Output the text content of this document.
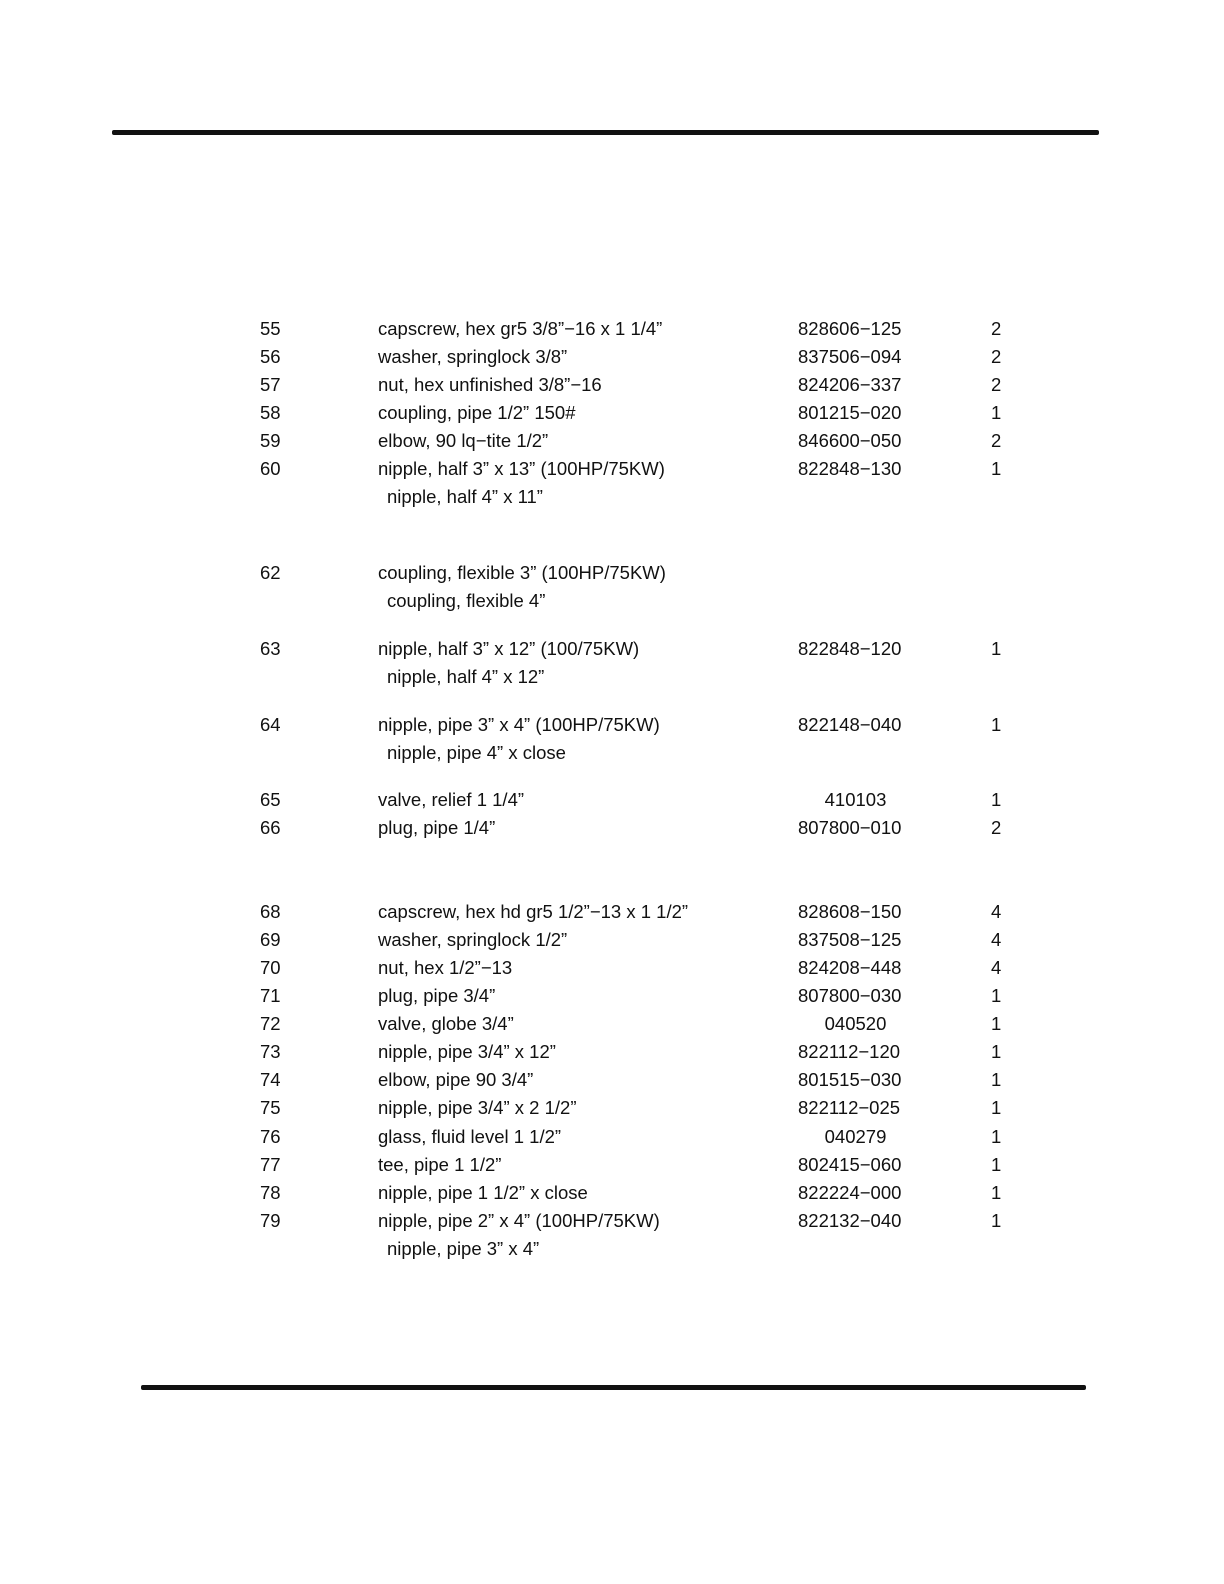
55	capscrew, hex gr5 3/8”−16 x 1 1/4”	828606−125	2
56	washer, springlock 3/8”	837506−094	2
57	nut, hex unfinished 3/8”−16	824206−337	2
58	coupling, pipe 1/2” 150#	801215−020	1
59	elbow, 90 lq−tite 1/2”	846600−050	2
60	nipple, half 3” x 13” (100HP/75KW)	822848−130	1
nipple, half 4” x 11”
62	coupling, flexible 3” (100HP/75KW)
coupling, flexible 4”
63	nipple, half 3” x 12” (100/75KW)	822848−120	1
nipple, half 4” x 12”
64	nipple, pipe 3” x 4” (100HP/75KW)	822148−040	1
nipple, pipe 4” x close
65	valve, relief 1 1/4”	410103	1
66	plug, pipe 1/4”	807800−010	2
68	capscrew, hex hd gr5 1/2”−13 x 1 1/2”	828608−150	4
69	washer, springlock 1/2”	837508−125	4
70	nut, hex 1/2”−13	824208−448	4
71	plug, pipe 3/4”	807800−030	1
72	valve, globe 3/4”	040520	1
73	nipple, pipe 3/4” x 12”	822112−120	1
74	elbow, pipe 90 3/4”	801515−030	1
75	nipple, pipe 3/4” x 2 1/2”	822112−025	1
76	glass, fluid level 1 1/2”	040279	1
77	tee, pipe 1 1/2”	802415−060	1
78	nipple, pipe 1 1/2” x close	822224−000	1
79	nipple, pipe 2” x 4” (100HP/75KW)	822132−040	1
nipple, pipe 3” x 4”
